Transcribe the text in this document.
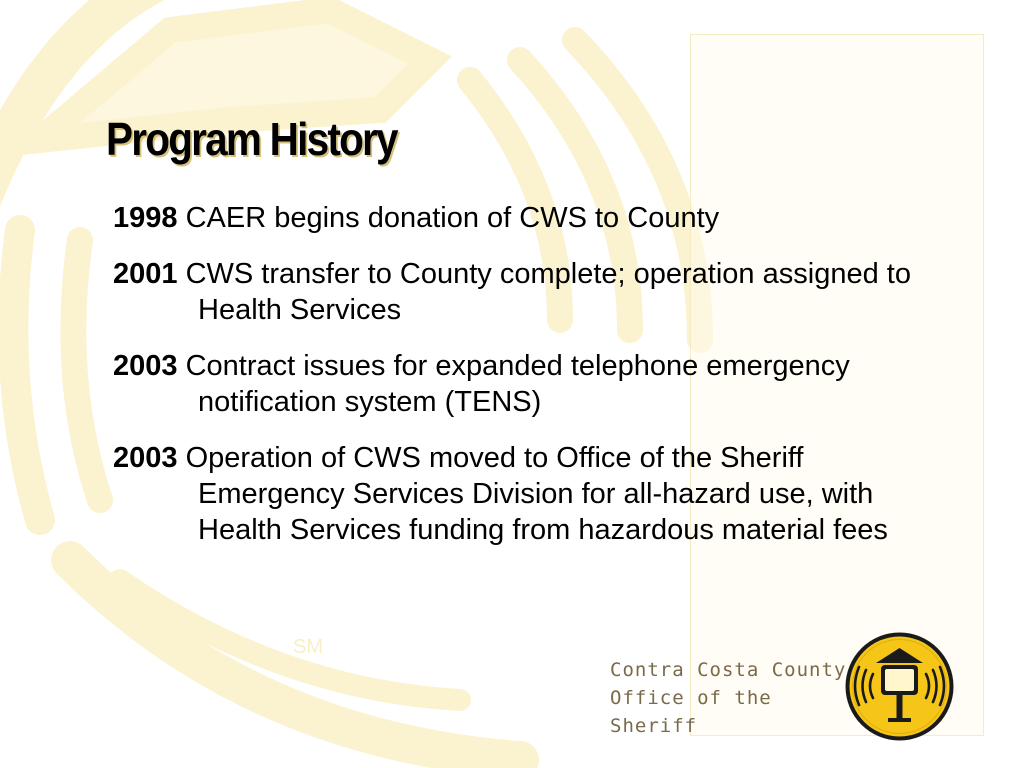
Program History
1998 CAER begins donation of CWS to County
2001 CWS transfer to County complete; operation assigned to Health Services
2003 Contract issues for expanded telephone emergency notification system (TENS)
2003 Operation of CWS moved to Office of the Sheriff Emergency Services Division for all-hazard use, with Health Services funding from hazardous material fees
SM
Contra Costa County
Office of the
Sheriff
